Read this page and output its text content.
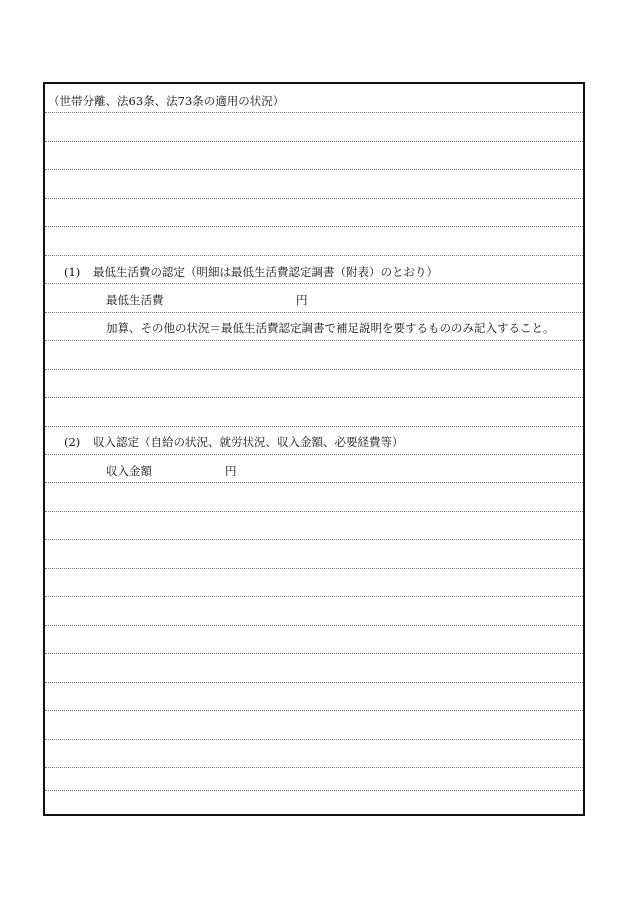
（世帯分離、法63条、法73条の適用の状況）
(1) 最低生活費の認定（明細は最低生活費認定調書（附表）のとおり）
最低生活費	円
加算、その他の状況＝最低生活費認定調書で補足説明を要するもののみ記入すること。
(2) 収入認定（自給の状況、就労状況、収入金額、必要経費等）
収入金額	円
